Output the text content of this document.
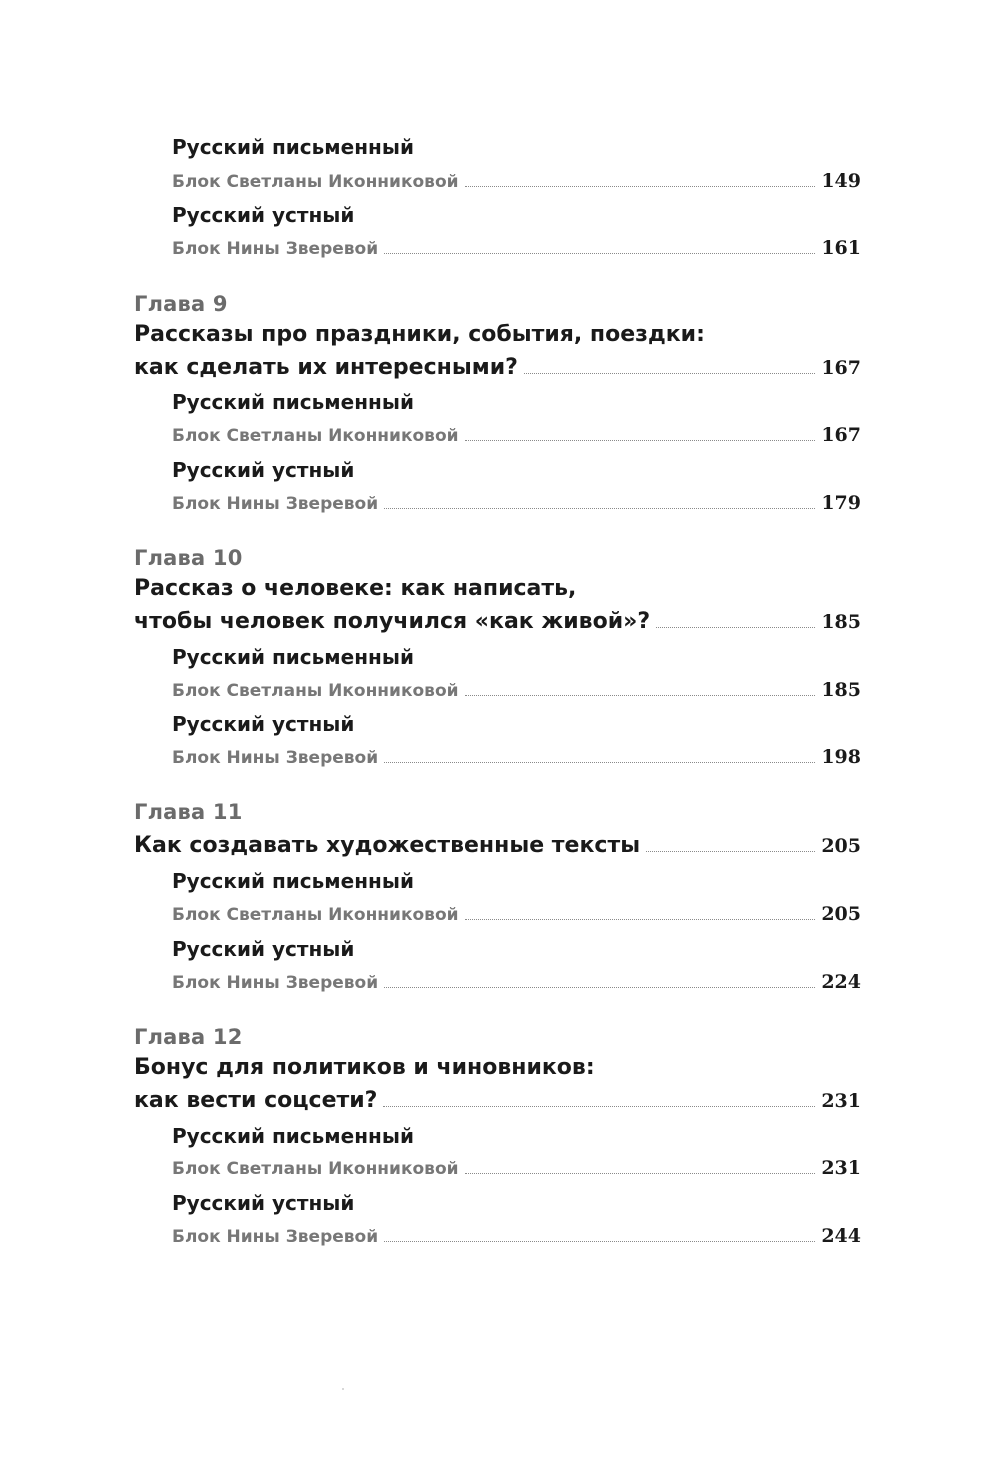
Русский письменный
Блок Светланы Иконниковой	149
Русский устный
Блок Нины Зверевой	161
Глава 9
Рассказы про праздники, события, поездки:
как сделать их интересными?	167
Русский письменный
Блок Светланы Иконниковой	167
Русский устный
Блок Нины Зверевой	179
Глава 10
Рассказ о человеке: как написать,
чтобы человек получился «как живой»?	185
Русский письменный
Блок Светланы Иконниковой	185
Русский устный
Блок Нины Зверевой	198
Глава 11
Как создавать художественные тексты	205
Русский письменный
Блок Светланы Иконниковой	205
Русский устный
Блок Нины Зверевой	224
Глава 12
Бонус для политиков и чиновников:
как вести соцсети?	231
Русский письменный
Блок Светланы Иконниковой	231
Русский устный
Блок Нины Зверевой	244
